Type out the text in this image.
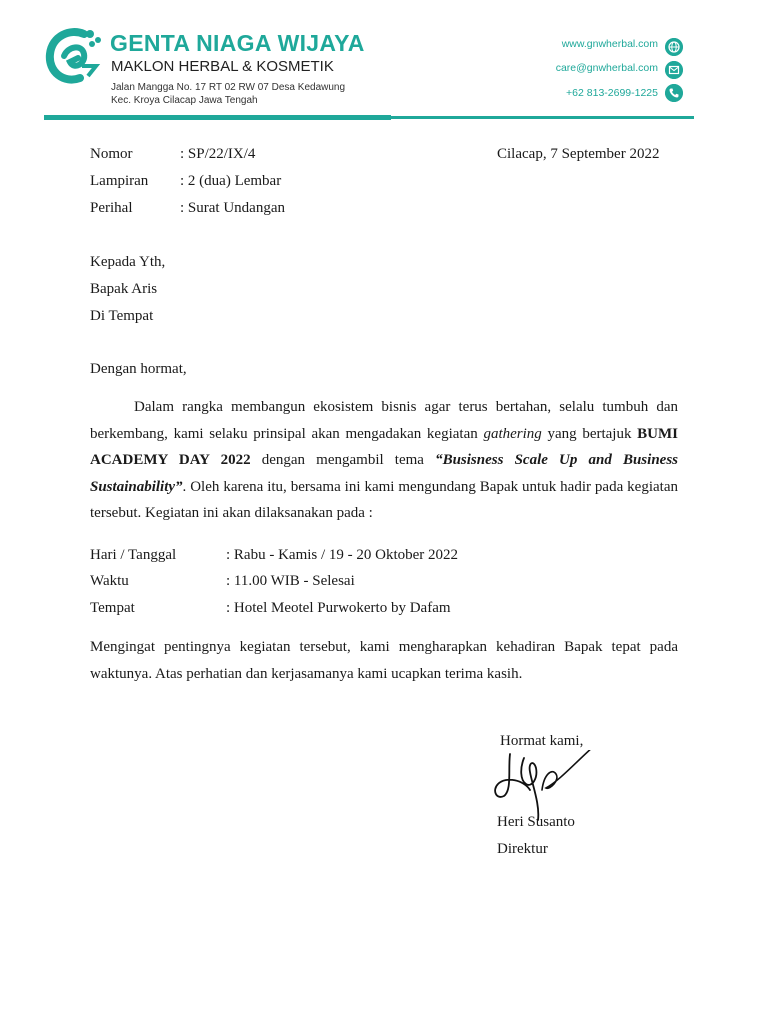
GENTA NIAGA WIJAYA
MAKLON HERBAL & KOSMETIK
Jalan Mangga No. 17 RT 02 RW 07 Desa Kedawung
Kec. Kroya Cilacap Jawa Tengah
www.gnwherbal.com
care@gnwherbal.com
+62 813-2699-1225
Nomor	: SP/22/IX/4	Cilacap, 7 September 2022
Lampiran : 2 (dua) Lembar
Perihal	: Surat Undangan
Kepada Yth,
Bapak Aris
Di Tempat
Dengan hormat,

Dalam rangka membangun ekosistem bisnis agar terus bertahan, selalu tumbuh dan berkembang, kami selaku prinsipal akan mengadakan kegiatan gathering yang bertajuk BUMI ACADEMY DAY 2022 dengan mengambil tema “Busisness Scale Up and Business Sustainability”. Oleh karena itu, bersama ini kami mengundang Bapak untuk hadir pada kegiatan tersebut. Kegiatan ini akan dilaksanakan pada :

Hari / Tanggal	: Rabu - Kamis / 19 - 20 Oktober 2022
Waktu	: 11.00 WIB - Selesai
Tempat	: Hotel Meotel Purwokerto by Dafam

Mengingat pentingnya kegiatan tersebut, kami mengharapkan kehadiran Bapak tepat pada waktunya. Atas perhatian dan kerjasamanya kami ucapkan terima kasih.

Hormat kami,
Heri Susanto
Direktur
